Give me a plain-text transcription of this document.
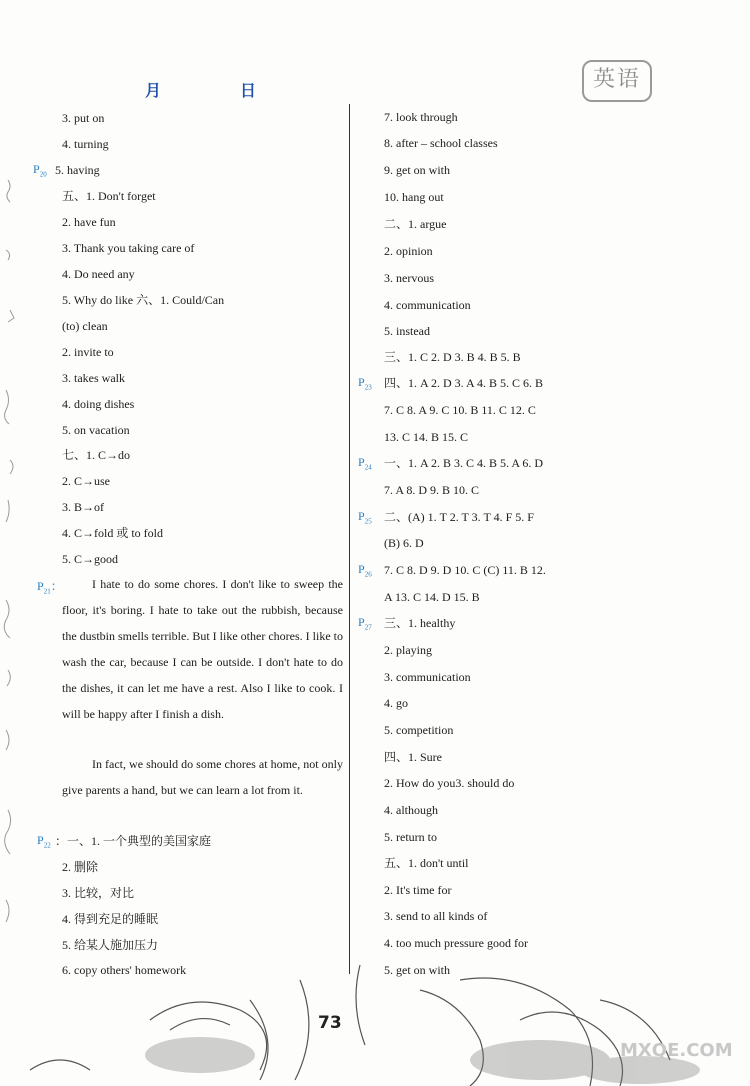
月	日	英语
3. put on
4. turning
$P_{20}$ 5. having
五、1. Don't forget
2. have fun
3. Thank you taking care of
4. Do need any
5. Why do like 六、1. Could/Can
(to) clean
2. invite to
3. takes walk
4. doing dishes
5. on vacation
七、1. C→do
2. C→use
3. B→of
4. C→fold 或 to fold
5. C→good
$P_{21}$：	I hate to do some chores. I don't like to sweep the floor, it's boring. I hate to take out the rubbish, because the dustbin smells terrible. But I like other chores. I like to wash the car, because I can be outside. I don't hate to do the dishes, it can let me have a rest. Also I like to cook. I will be happy after I finish a dish.
In fact, we should do some chores at home, not only give parents a hand, but we can learn a lot from it.
$P_{22}$ ：一、1. 一个典型的美国家庭
2. 删除
3. 比较，对比
4. 得到充足的睡眠
5. 给某人施加压力
6. copy others' homework
7. look through
8. after – school classes
9. get on with
10. hang out
二、1. argue
2. opinion
3. nervous
4. communication
5. instead
三、1. C 2. D 3. B 4. B 5. B
$P_{23}$ 四、1. A 2. D 3. A 4. B 5. C 6. B
7. C 8. A 9. C 10. B 11. C 12. C
13. C 14. B 15. C
$P_{24}$ 一、1. A 2. B 3. C 4. B 5. A 6. D
7. A 8. D 9. B 10. C
$P_{25}$ 二、(A) 1. T 2. T 3. T 4. F 5. F
(B) 6. D
$P_{26}$ 7. C 8. D 9. D 10. C (C) 11. B 12.
A 13. C 14. D 15. B
$P_{27}$ 三、1. healthy
2. playing
3. communication
4. go
5. competition
四、1. Sure
2. How do you3. should do
4. although
5. return to
五、1. don't until
2. It's time for
3. send to all kinds of
4. too much pressure good for
5. get on with
73
MXQE.COM
